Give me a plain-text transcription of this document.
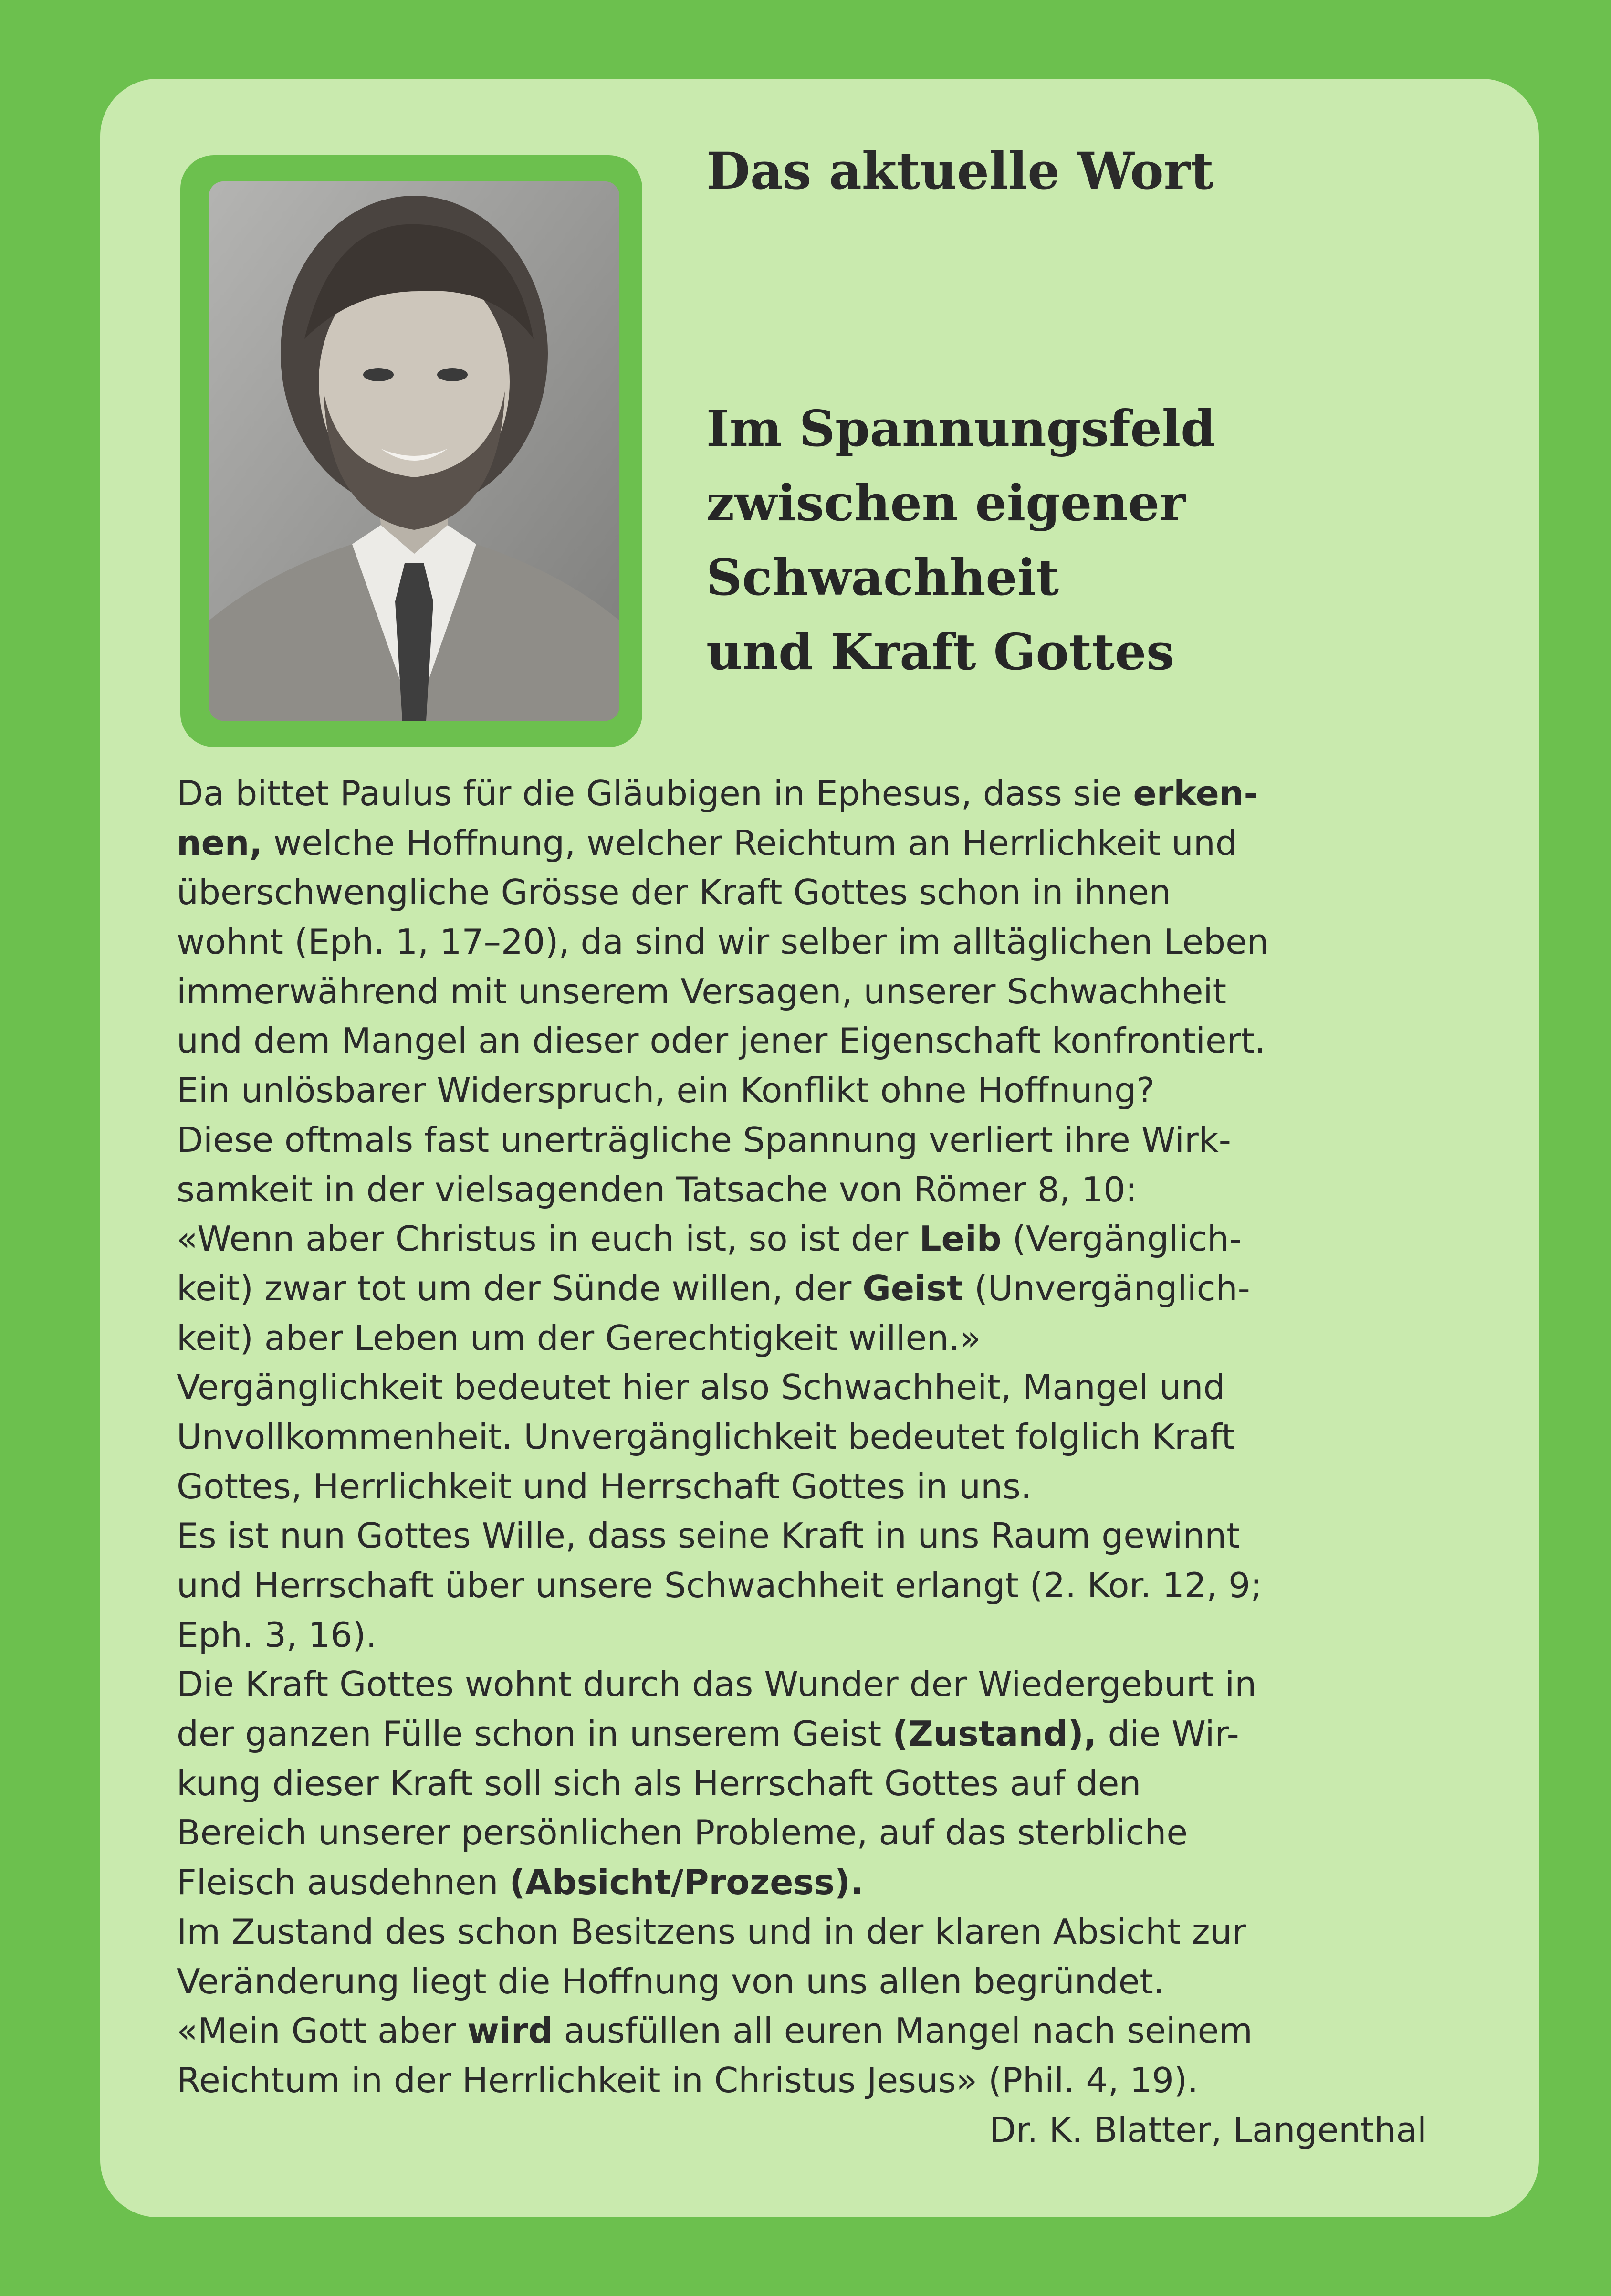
Das aktuelle Wort
Im Spannungsfeld
zwischen eigener
Schwachheit
und Kraft Gottes
Da bittet Paulus für die Gläubigen in Ephesus, dass sie erken-
nen, welche Hoffnung, welcher Reichtum an Herrlichkeit und
überschwengliche Grösse der Kraft Gottes schon in ihnen
wohnt (Eph. 1, 17–20), da sind wir selber im alltäglichen Leben
immerwährend mit unserem Versagen, unserer Schwachheit
und dem Mangel an dieser oder jener Eigenschaft konfrontiert.
Ein unlösbarer Widerspruch, ein Konflikt ohne Hoffnung?
Diese oftmals fast unerträgliche Spannung verliert ihre Wirk-
samkeit in der vielsagenden Tatsache von Römer 8, 10:
«Wenn aber Christus in euch ist, so ist der Leib (Vergänglich-
keit) zwar tot um der Sünde willen, der Geist (Unvergänglich-
keit) aber Leben um der Gerechtigkeit willen.»
Vergänglichkeit bedeutet hier also Schwachheit, Mangel und
Unvollkommenheit. Unvergänglichkeit bedeutet folglich Kraft
Gottes, Herrlichkeit und Herrschaft Gottes in uns.
Es ist nun Gottes Wille, dass seine Kraft in uns Raum gewinnt
und Herrschaft über unsere Schwachheit erlangt (2. Kor. 12, 9;
Eph. 3, 16).
Die Kraft Gottes wohnt durch das Wunder der Wiedergeburt in
der ganzen Fülle schon in unserem Geist (Zustand), die Wir-
kung dieser Kraft soll sich als Herrschaft Gottes auf den
Bereich unserer persönlichen Probleme, auf das sterbliche
Fleisch ausdehnen (Absicht/Prozess).
Im Zustand des schon Besitzens und in der klaren Absicht zur
Veränderung liegt die Hoffnung von uns allen begründet.
«Mein Gott aber wird ausfüllen all euren Mangel nach seinem
Reichtum in der Herrlichkeit in Christus Jesus» (Phil. 4, 19).
Dr. K. Blatter, Langenthal
